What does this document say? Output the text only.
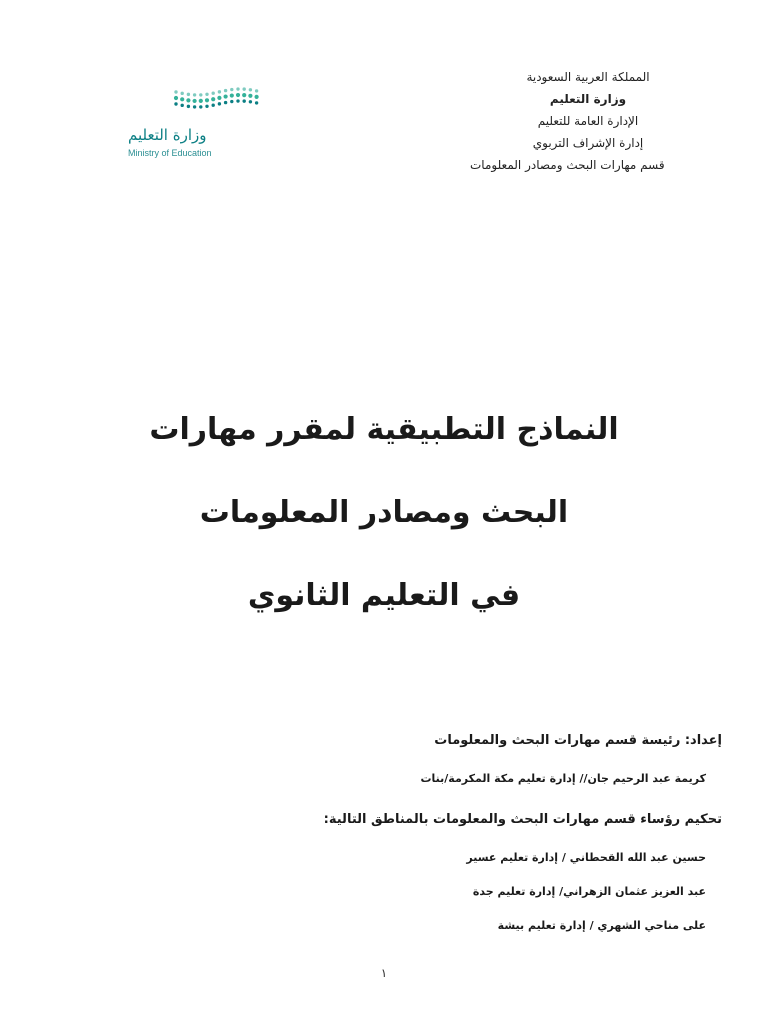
المملكة العربية السعودية
وزارة التعليم
الإدارة العامة للتعليم
إدارة الإشراف التربوي
قسم مهارات البحث ومصادر المعلومات
وزارة التعليم
Ministry of Education
النماذج التطبيقية لمقرر مهارات
البحث ومصادر المعلومات
في التعليم الثانوي
إعداد: رئيسة قسم مهارات البحث والمعلومات
كريمة عبد الرحيم جان// إدارة تعليم مكة المكرمة/بنات
تحكيم رؤساء قسم مهارات البحث والمعلومات بالمناطق التالية:
حسين عبد الله القحطاني / إدارة تعليم عسير
عبد العزيز عثمان الزهراني/ إدارة تعليم جدة
على مناحي الشهري / إدارة تعليم بيشة
١
